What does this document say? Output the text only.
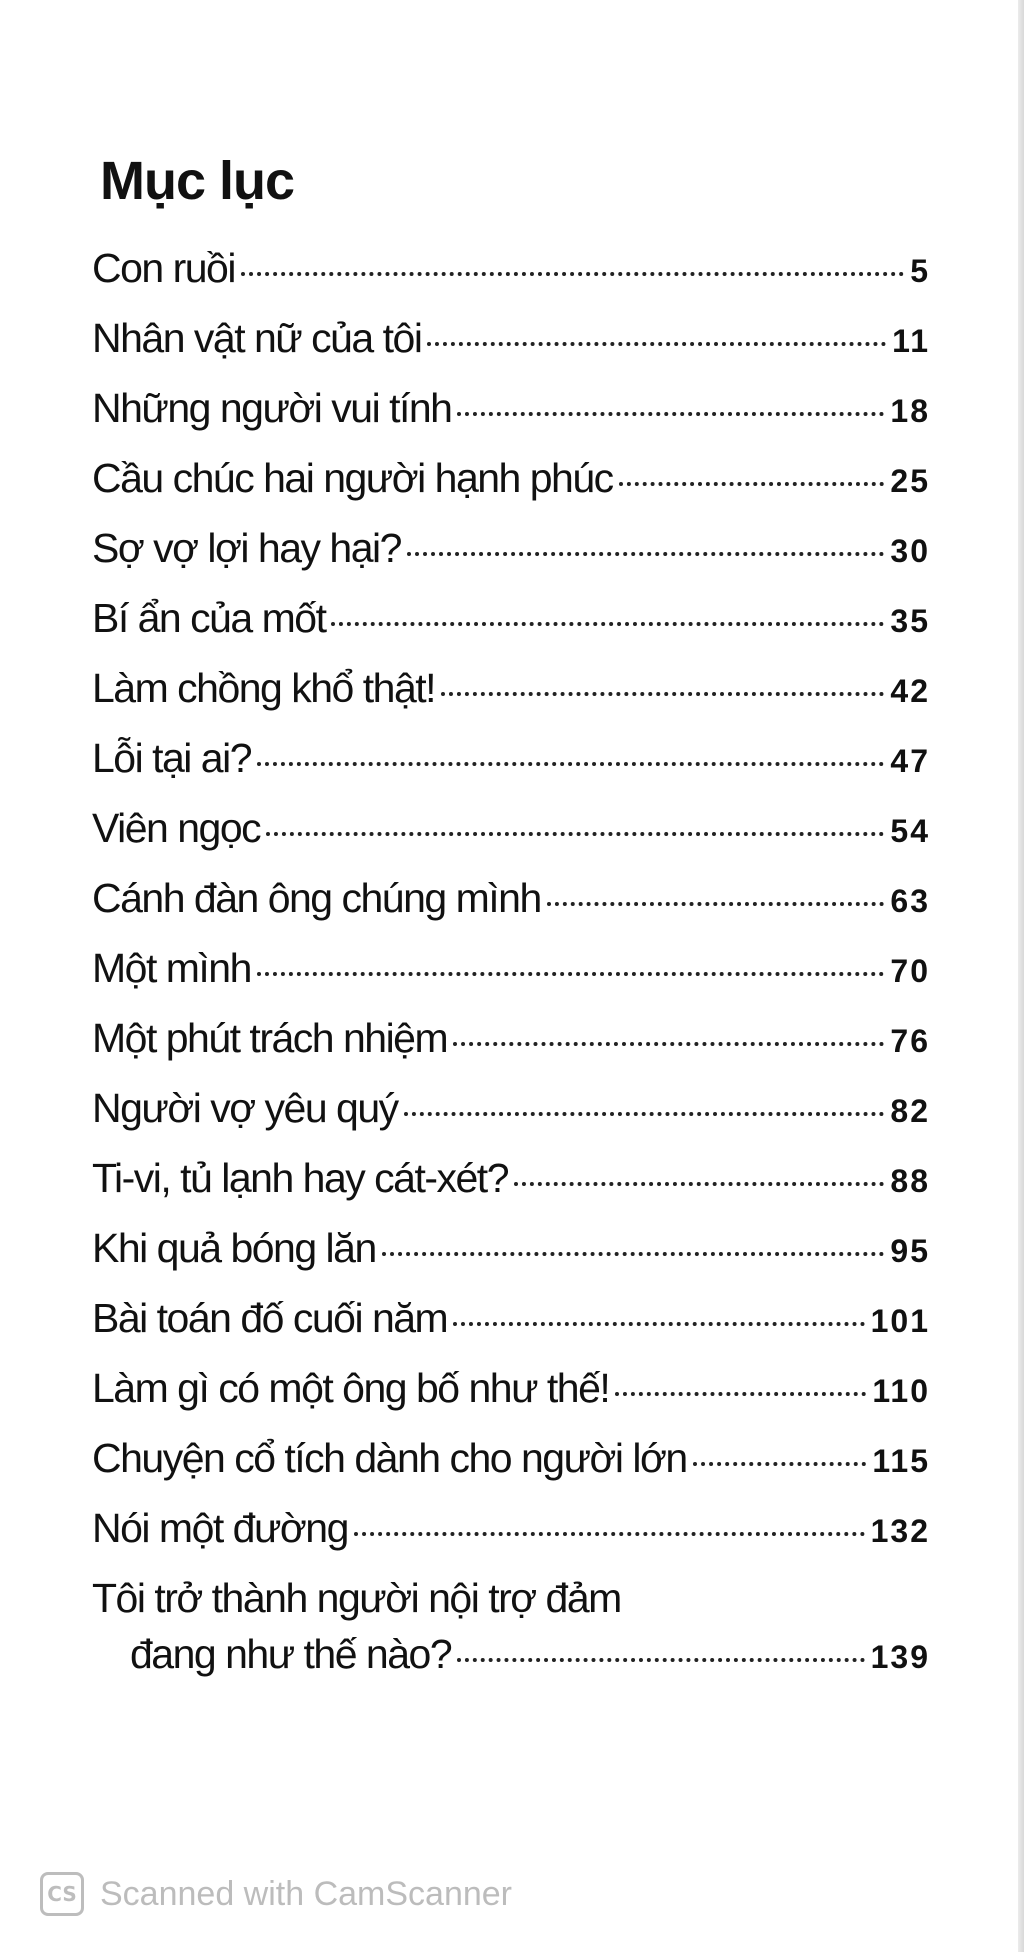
Mục lục
Con ruồi	5
Nhân vật nữ của tôi	11
Những người vui tính	18
Cầu chúc hai người hạnh phúc	25
Sợ vợ lợi hay hại?	30
Bí ẩn của mốt	35
Làm chồng khổ thật!	42
Lỗi tại ai?	47
Viên ngọc	54
Cánh đàn ông chúng mình	63
Một mình	70
Một phút trách nhiệm	76
Người vợ yêu quý	82
Ti-vi, tủ lạnh hay cát-xét?	88
Khi quả bóng lăn	95
Bài toán đố cuối năm	101
Làm gì có một ông bố như thế!	110
Chuyện cổ tích dành cho người lớn	115
Nói một đường	132
Tôi trở thành người nội trợ đảm
đang như thế nào?	139
CS Scanned with CamScanner
